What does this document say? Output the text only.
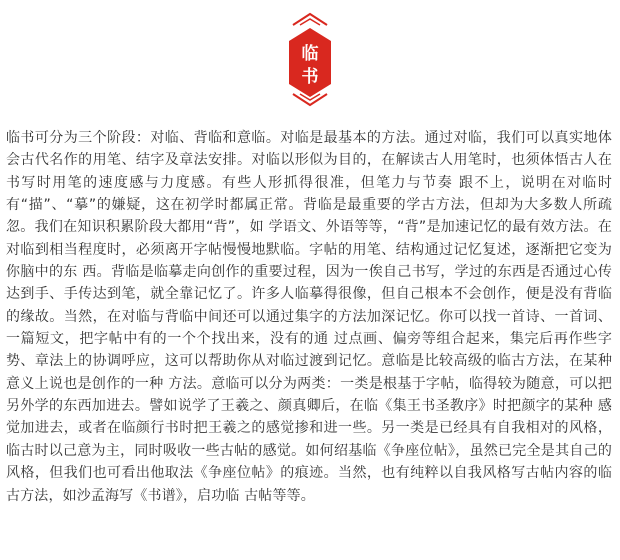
临
书

临书可分为三个阶段：对临、背临和意临。对临是最基本的方法。通过对临，我们可以真实地体会古代名作的用笔、结字及章法安排。对临以形似为目的，在解读古人用笔时，也须体悟古人在书写时用笔的速度感与力度感。有些人形抓得很准，但笔力与节奏 跟不上，说明在对临时有“描”、“摹”的嫌疑，这在初学时都属正常。背临是最重要的学古方法，但却为大多数人所疏忽。我们在知识积累阶段大都用“背”，如 学语文、外语等等，“背”是加速记忆的最有效方法。在对临到相当程度时，必须离开字帖慢慢地默临。字帖的用笔、结构通过记忆复述，逐渐把它变为你脑中的东 西。背临是临摹走向创作的重要过程，因为一俟自己书写，学过的东西是否通过心传达到手、手传达到笔，就全靠记忆了。许多人临摹得很像，但自己根本不会创作，便是没有背临的缘故。当然，在对临与背临中间还可以通过集字的方法加深记忆。你可以找一首诗、一首词、一篇短文，把字帖中有的一个个找出来，没有的通 过点画、偏旁等组合起来，集完后再作些字势、章法上的协调呼应，这可以帮助你从对临过渡到记忆。意临是比较高级的临古方法，在某种意义上说也是创作的一种 方法。意临可以分为两类：一类是根基于字帖，临得较为随意，可以把另外学的东西加进去。譬如说学了王羲之、颜真卿后，在临《集王书圣教序》时把颜字的某种 感觉加进去，或者在临颜行书时把王羲之的感觉掺和进一些。另一类是已经具有自我相对的风格，临古时以己意为主，同时吸收一些古帖的感觉。如何绍基临《争座位帖》，虽然已完全是其自己的风格，但我们也可看出他取法《争座位帖》的痕迹。当然，也有纯粹以自我风格写古帖内容的临古方法，如沙孟海写《书谱》，启功临 古帖等等。
